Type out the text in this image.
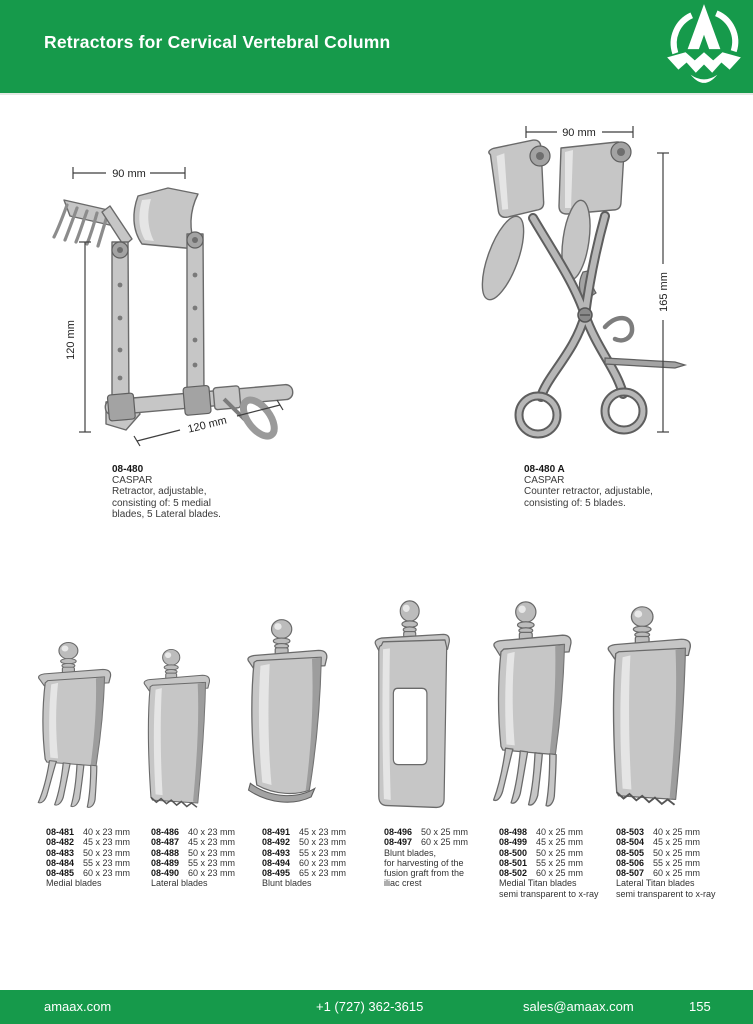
Retractors for Cervical Vertebral Column
90 mm
120 mm
120 mm
90 mm
165 mm
08-480
CASPAR
Retractor, adjustable,
consisting of: 5 medial
blades, 5 Lateral blades.
08-480 A
CASPAR
Counter retractor, adjustable,
consisting of: 5 blades.
08-481 40 x 23 mm
08-482 45 x 23 mm
08-483 50 x 23 mm
08-484 55 x 23 mm
08-485 60 x 23 mm
Medial blades
08-486 40 x 23 mm
08-487 45 x 23 mm
08-488 50 x 23 mm
08-489 55 x 23 mm
08-490 60 x 23 mm
Lateral blades
08-491 45 x 23 mm
08-492 50 x 23 mm
08-493 55 x 23 mm
08-494 60 x 23 mm
08-495 65 x 23 mm
Blunt blades
08-496 50 x 25 mm
08-497 60 x 25 mm
Blunt blades,
for harvesting of the
fusion graft from the
iliac crest
08-498 40 x 25 mm
08-499 45 x 25 mm
08-500 50 x 25 mm
08-501 55 x 25 mm
08-502 60 x 25 mm
Medial Titan blades
semi transparent to x-ray
08-503 40 x 25 mm
08-504 45 x 25 mm
08-505 50 x 25 mm
08-506 55 x 25 mm
08-507 60 x 25 mm
Lateral Titan blades
semi transparent to x-ray
amaax.com	+1 (727) 362-3615	sales@amaax.com	155
